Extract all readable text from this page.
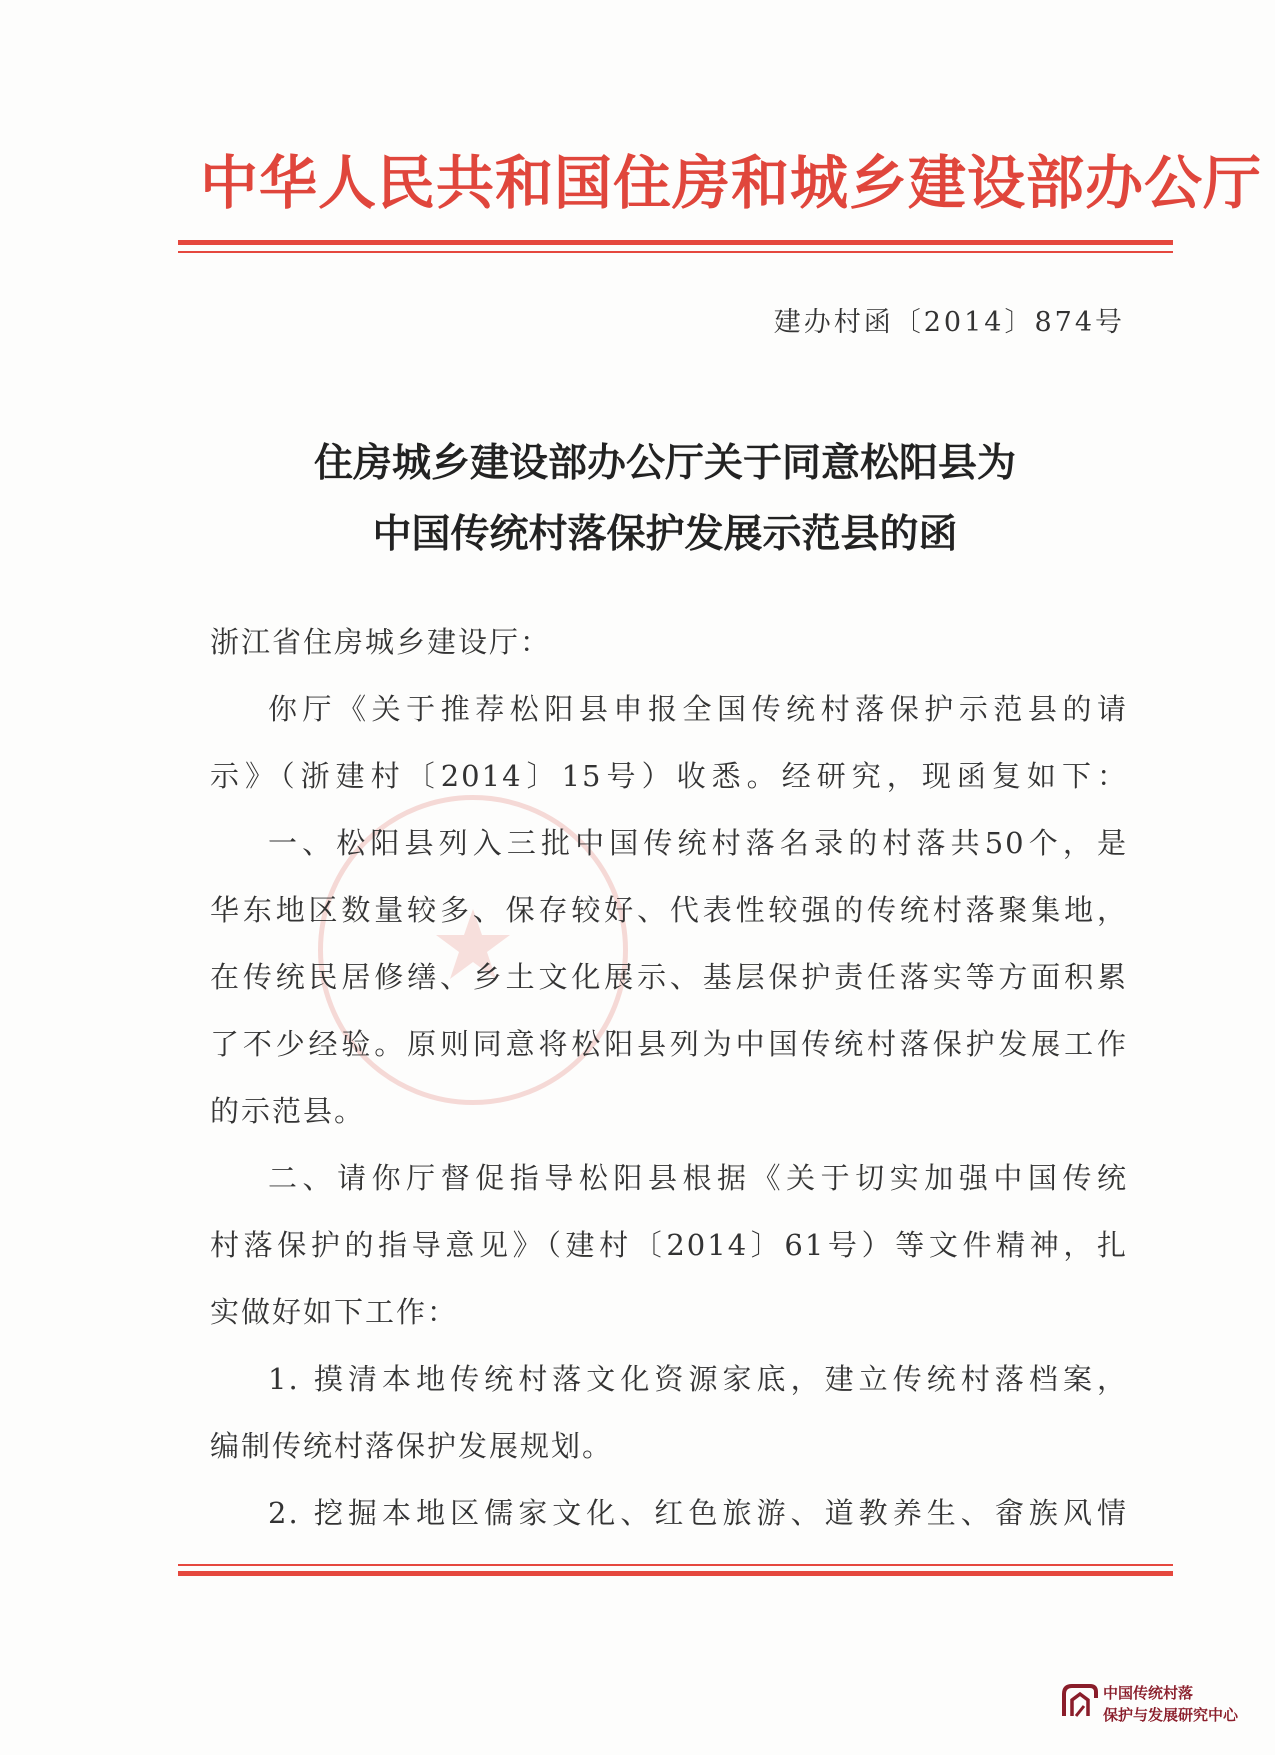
中华人民共和国住房和城乡建设部办公厅
建办村函〔2014〕874号
住房城乡建设部办公厅关于同意松阳县为
中国传统村落保护发展示范县的函
浙江省住房城乡建设厅：
你厅《关于推荐松阳县申报全国传统村落保护示范县的请
示》（浙建村〔2014〕15号）收悉。经研究，现函复如下：
一、松阳县列入三批中国传统村落名录的村落共50个，是
华东地区数量较多、保存较好、代表性较强的传统村落聚集地，
在传统民居修缮、乡土文化展示、基层保护责任落实等方面积累
了不少经验。原则同意将松阳县列为中国传统村落保护发展工作
的示范县。
二、请你厅督促指导松阳县根据《关于切实加强中国传统
村落保护的指导意见》（建村〔2014〕61号）等文件精神，扎
实做好如下工作：
1. 摸清本地传统村落文化资源家底，建立传统村落档案，
编制传统村落保护发展规划。
2. 挖掘本地区儒家文化、红色旅游、道教养生、畲族风情
中国传统村落
保护与发展研究中心
